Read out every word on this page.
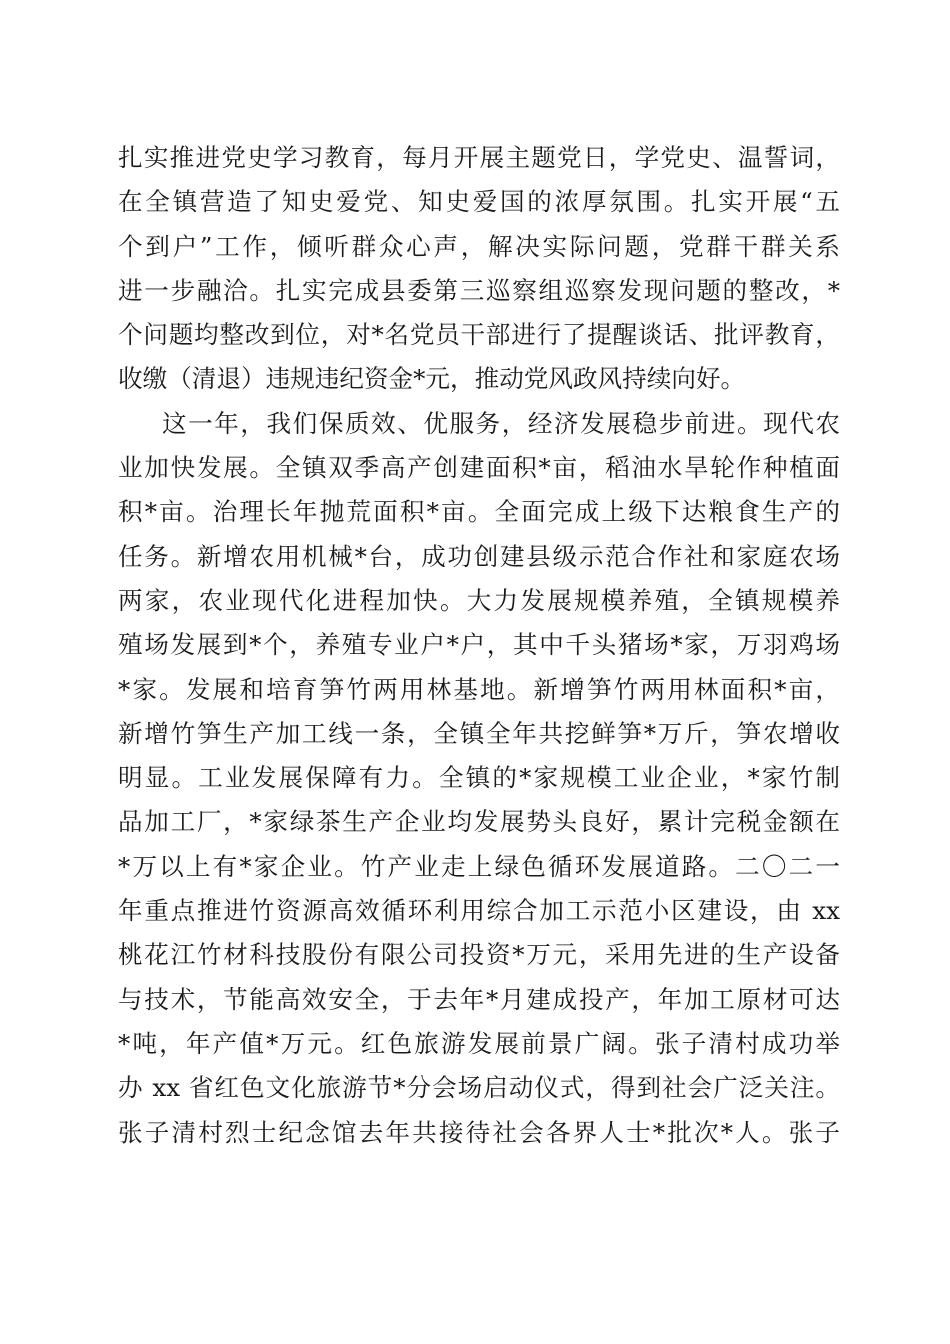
扎实推进党史学习教育，每月开展主题党日，学党史、温誓词，
在全镇营造了知史爱党、知史爱国的浓厚氛围。扎实开展“五
个到户”工作，倾听群众心声，解决实际问题，党群干群关系
进一步融洽。扎实完成县委第三巡察组巡察发现问题的整改，*
个问题均整改到位，对*名党员干部进行了提醒谈话、批评教育，
收缴（清退）违规违纪资金*元，推动党风政风持续向好。
这一年，我们保质效、优服务，经济发展稳步前进。现代农
业加快发展。全镇双季高产创建面积*亩，稻油水旱轮作种植面
积*亩。治理长年抛荒面积*亩。全面完成上级下达粮食生产的
任务。新增农用机械*台，成功创建县级示范合作社和家庭农场
两家，农业现代化进程加快。大力发展规模养殖，全镇规模养
殖场发展到*个，养殖专业户*户，其中千头猪场*家，万羽鸡场
*家。发展和培育笋竹两用林基地。新增笋竹两用林面积*亩，
新增竹笋生产加工线一条，全镇全年共挖鲜笋*万斤，笋农增收
明显。工业发展保障有力。全镇的*家规模工业企业，*家竹制
品加工厂，*家绿茶生产企业均发展势头良好，累计完税金额在
*万以上有*家企业。竹产业走上绿色循环发展道路。二〇二一
年重点推进竹资源高效循环利用综合加工示范小区建设，由 xx
桃花江竹材科技股份有限公司投资*万元，采用先进的生产设备
与技术，节能高效安全，于去年*月建成投产，年加工原材可达
*吨，年产值*万元。红色旅游发展前景广阔。张子清村成功举
办 xx 省红色文化旅游节*分会场启动仪式，得到社会广泛关注。
张子清村烈士纪念馆去年共接待社会各界人士*批次*人。张子
